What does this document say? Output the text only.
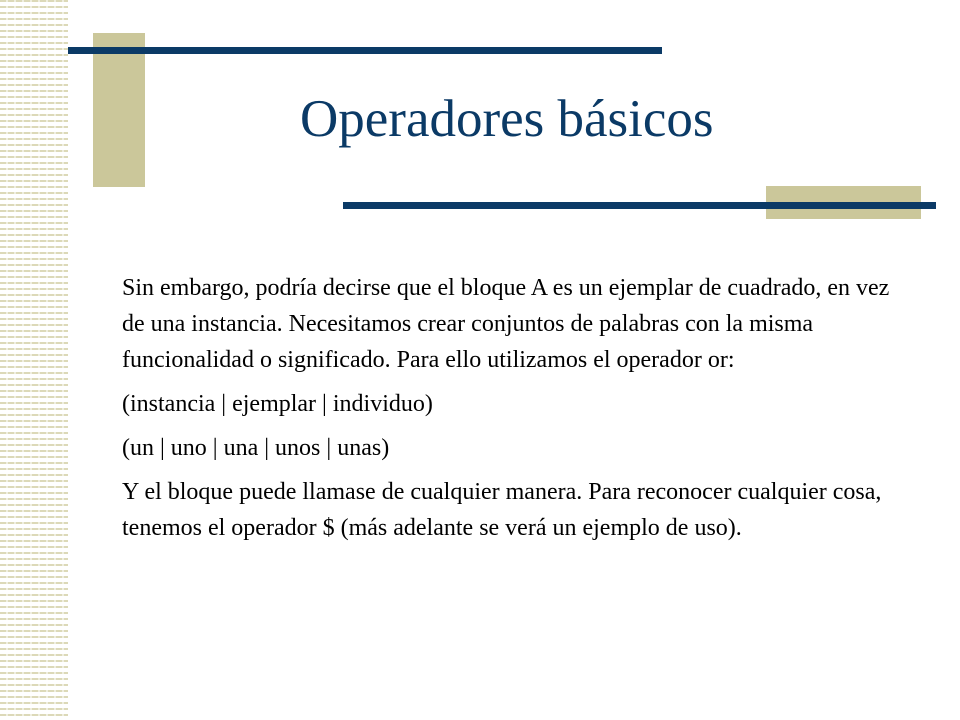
Operadores básicos

Sin embargo, podría decirse que el bloque A es un ejemplar de cuadrado, en vez de una instancia. Necesitamos crear conjuntos de palabras con la misma funcionalidad o significado. Para ello utilizamos el operador or:

(instancia | ejemplar | individuo)

(un | uno | una | unos | unas)

Y el bloque puede llamase de cualquier manera. Para reconocer cualquier cosa, tenemos el operador $ (más adelante se verá un ejemplo de uso).
